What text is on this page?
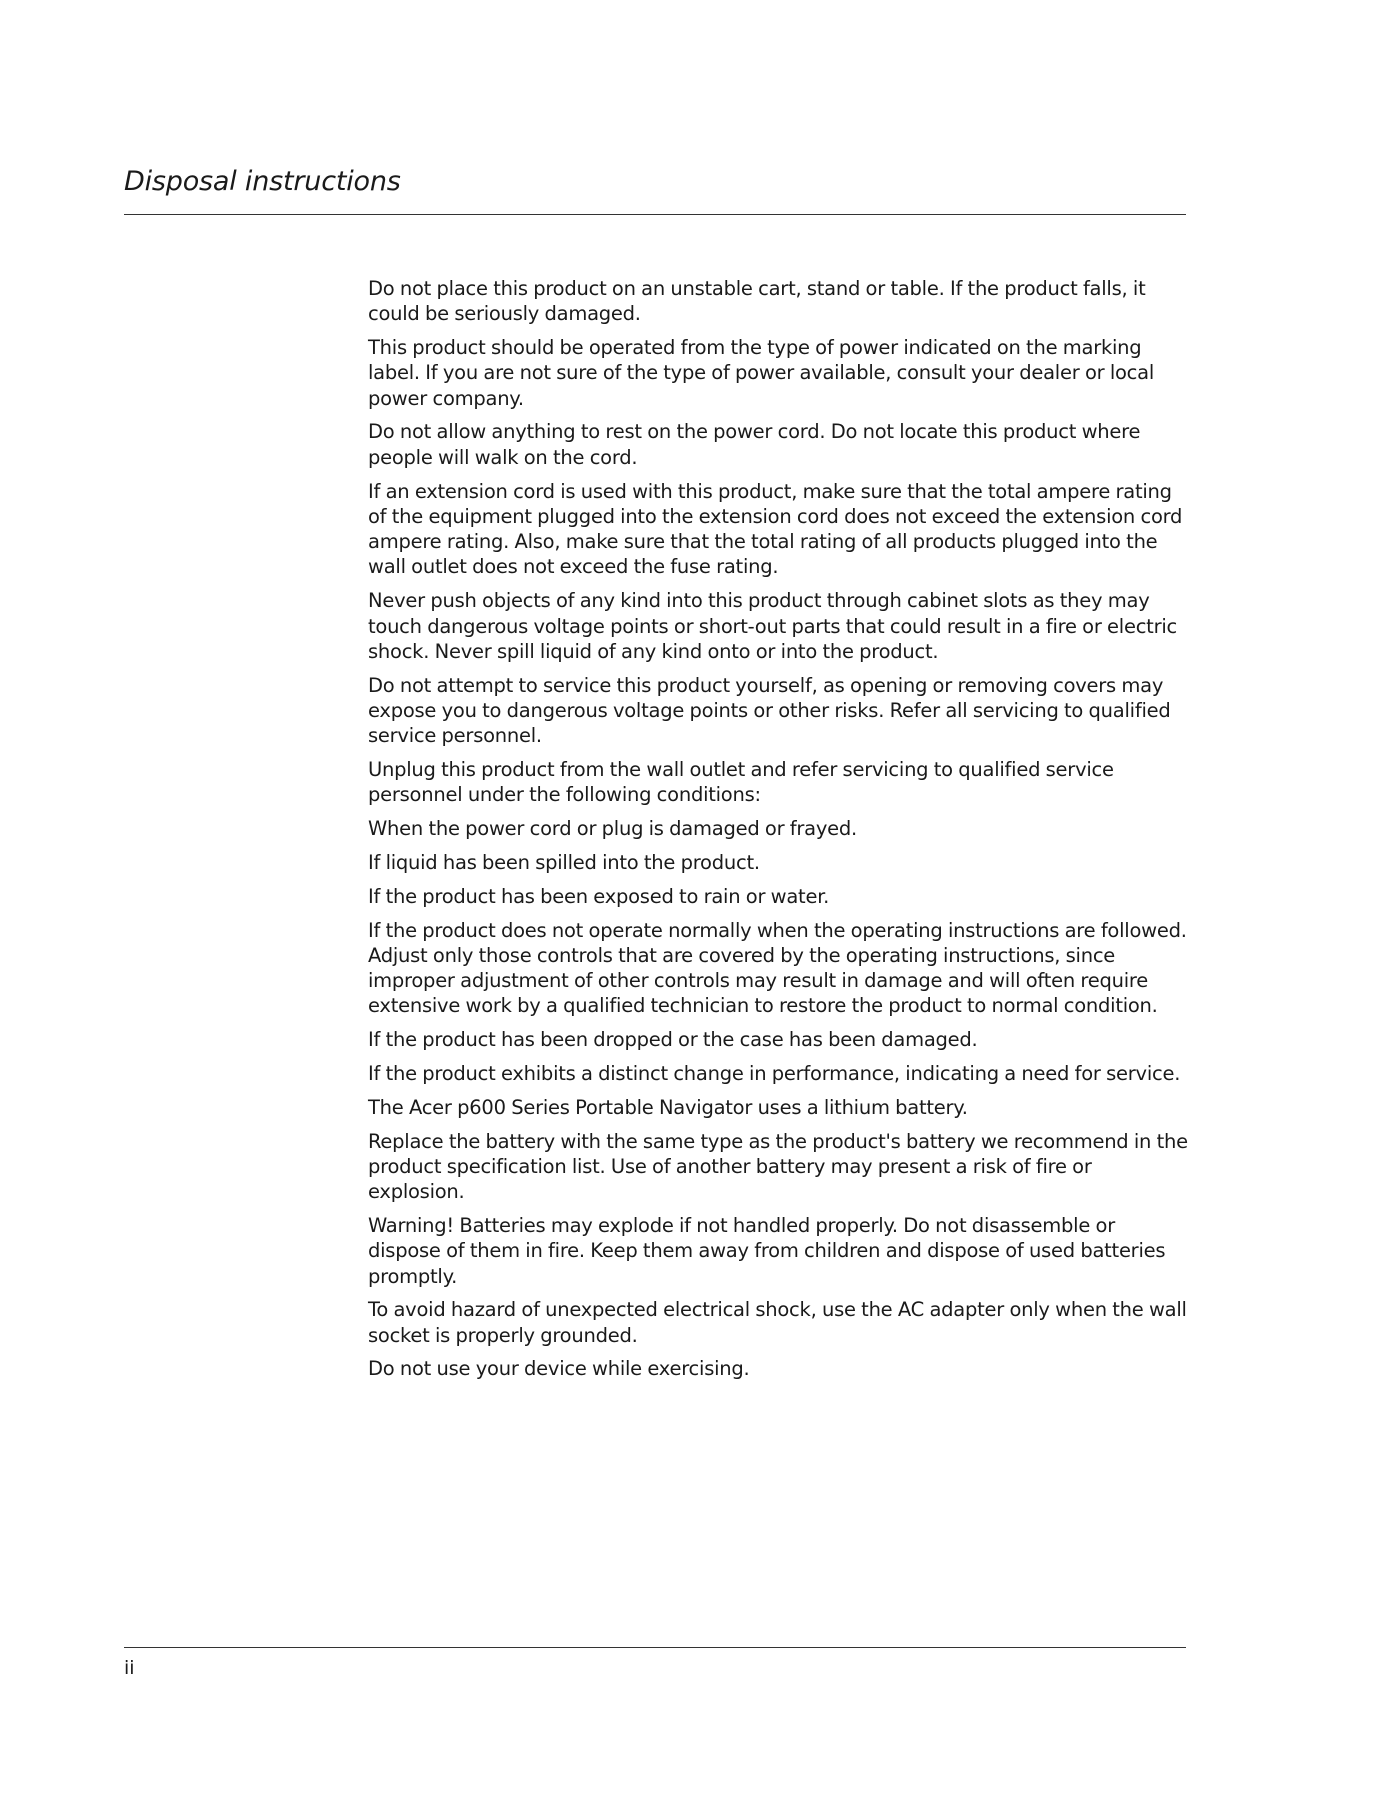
Disposal instructions

Do not place this product on an unstable cart, stand or table. If the product falls, it could be seriously damaged.

This product should be operated from the type of power indicated on the marking label. If you are not sure of the type of power available, consult your dealer or local power company.

Do not allow anything to rest on the power cord. Do not locate this product where people will walk on the cord.

If an extension cord is used with this product, make sure that the total ampere rating of the equipment plugged into the extension cord does not exceed the extension cord ampere rating. Also, make sure that the total rating of all products plugged into the wall outlet does not exceed the fuse rating.

Never push objects of any kind into this product through cabinet slots as they may touch dangerous voltage points or short-out parts that could result in a fire or electric shock. Never spill liquid of any kind onto or into the product.

Do not attempt to service this product yourself, as opening or removing covers may expose you to dangerous voltage points or other risks. Refer all servicing to qualified service personnel.

Unplug this product from the wall outlet and refer servicing to qualified service personnel under the following conditions:

When the power cord or plug is damaged or frayed.

If liquid has been spilled into the product.

If the product has been exposed to rain or water.

If the product does not operate normally when the operating instructions are followed. Adjust only those controls that are covered by the operating instructions, since improper adjustment of other controls may result in damage and will often require extensive work by a qualified technician to restore the product to normal condition.

If the product has been dropped or the case has been damaged.

If the product exhibits a distinct change in performance, indicating a need for service.

The Acer p600 Series Portable Navigator uses a lithium battery.

Replace the battery with the same type as the product's battery we recommend in the product specification list. Use of another battery may present a risk of fire or explosion.

Warning! Batteries may explode if not handled properly. Do not disassemble or dispose of them in fire. Keep them away from children and dispose of used batteries promptly.

To avoid hazard of unexpected electrical shock, use the AC adapter only when the wall socket is properly grounded.

Do not use your device while exercising.

ii
